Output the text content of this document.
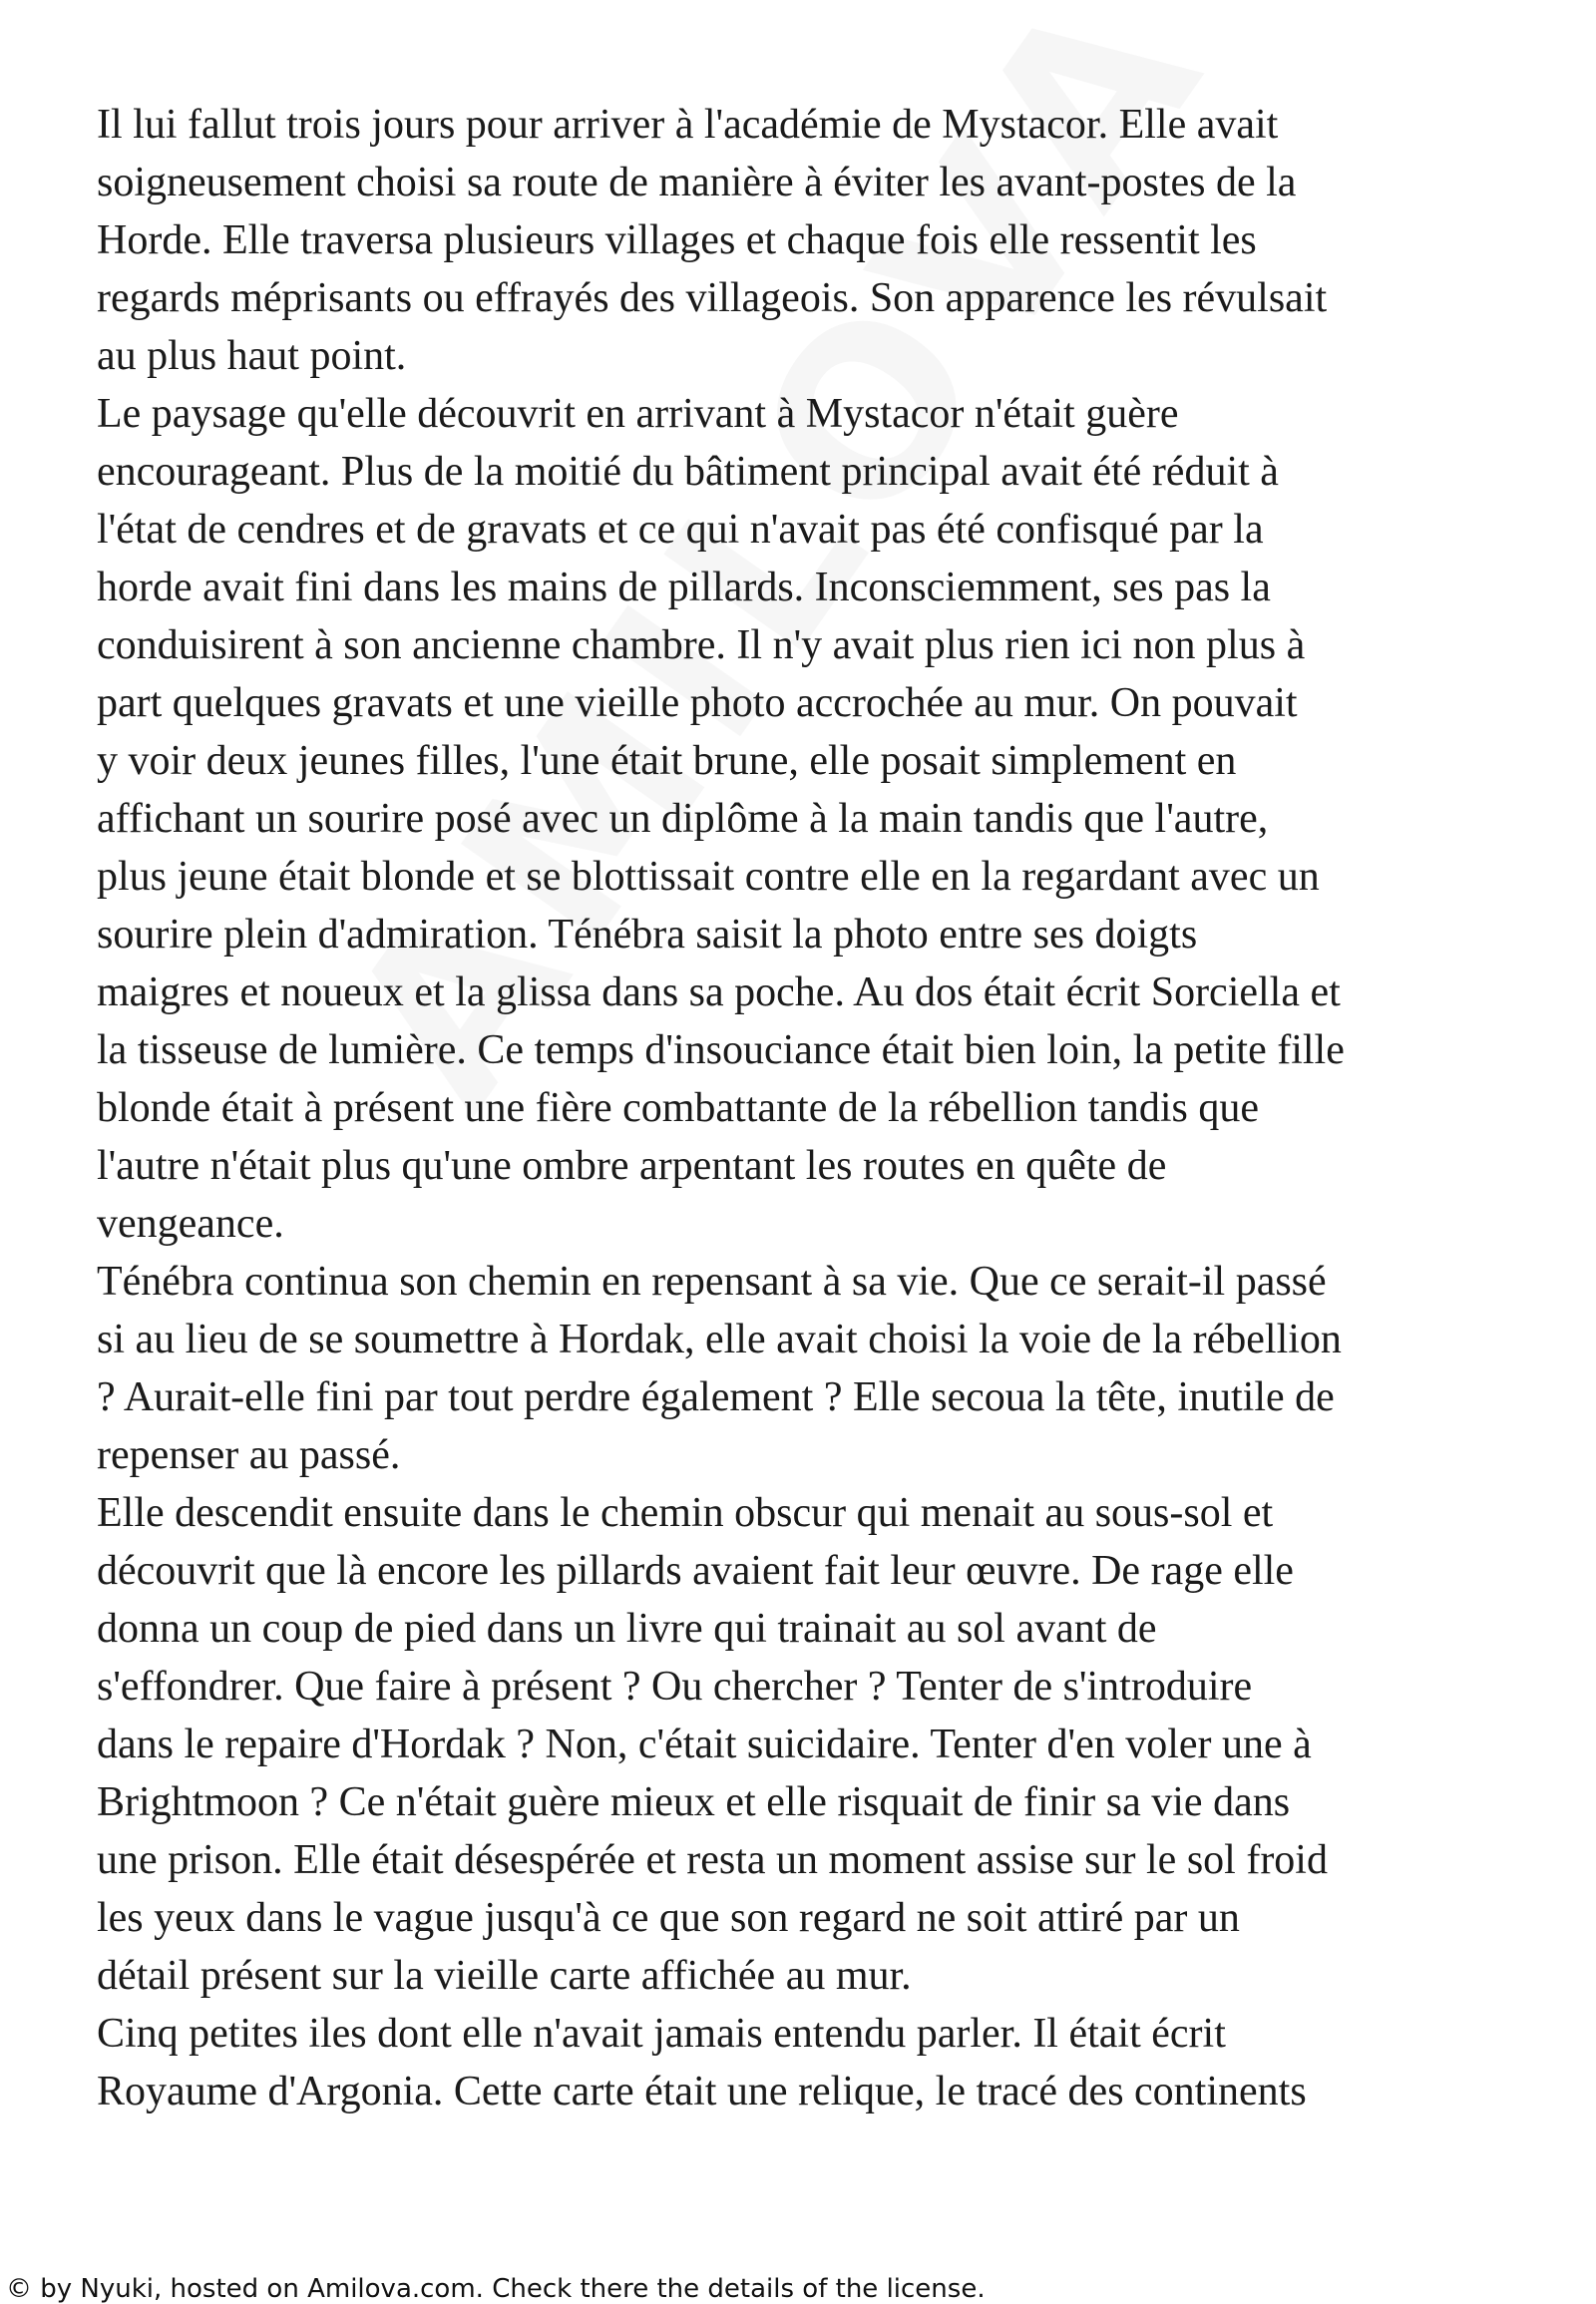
Il lui fallut trois jours pour arriver à l'académie de Mystacor. Elle avait
soigneusement choisi sa route de manière à éviter les avant-postes de la
Horde. Elle traversa plusieurs villages et chaque fois elle ressentit les
regards méprisants ou effrayés des villageois. Son apparence les révulsait
au plus haut point.
Le paysage qu'elle découvrit en arrivant à Mystacor n'était guère
encourageant. Plus de la moitié du bâtiment principal avait été réduit à
l'état de cendres et de gravats et ce qui n'avait pas été confisqué par la
horde avait fini dans les mains de pillards. Inconsciemment, ses pas la
conduisirent à son ancienne chambre. Il n'y avait plus rien ici non plus à
part quelques gravats et une vieille photo accrochée au mur. On pouvait
y voir deux jeunes filles, l'une était brune, elle posait simplement en
affichant un sourire posé avec un diplôme à la main tandis que l'autre,
plus jeune était blonde et se blottissait contre elle en la regardant avec un
sourire plein d'admiration. Ténébra saisit la photo entre ses doigts
maigres et noueux et la glissa dans sa poche. Au dos était écrit Sorciella et
la tisseuse de lumière. Ce temps d'insouciance était bien loin, la petite fille
blonde était à présent une fière combattante de la rébellion tandis que
l'autre n'était plus qu'une ombre arpentant les routes en quête de
vengeance.
Ténébra continua son chemin en repensant à sa vie. Que ce serait-il passé
si au lieu de se soumettre à Hordak, elle avait choisi la voie de la rébellion
? Aurait-elle fini par tout perdre également ? Elle secoua la tête, inutile de
repenser au passé.
Elle descendit ensuite dans le chemin obscur qui menait au sous-sol et
découvrit que là encore les pillards avaient fait leur œuvre. De rage elle
donna un coup de pied dans un livre qui trainait au sol avant de
s'effondrer. Que faire à présent ? Ou chercher ? Tenter de s'introduire
dans le repaire d'Hordak ? Non, c'était suicidaire. Tenter d'en voler une à
Brightmoon ? Ce n'était guère mieux et elle risquait de finir sa vie dans
une prison. Elle était désespérée et resta un moment assise sur le sol froid
les yeux dans le vague jusqu'à ce que son regard ne soit attiré par un
détail présent sur la vieille carte affichée au mur.
Cinq petites iles dont elle n'avait jamais entendu parler. Il était écrit
Royaume d'Argonia. Cette carte était une relique, le tracé des continents
© by Nyuki, hosted on Amilova.com. Check there the details of the license.
